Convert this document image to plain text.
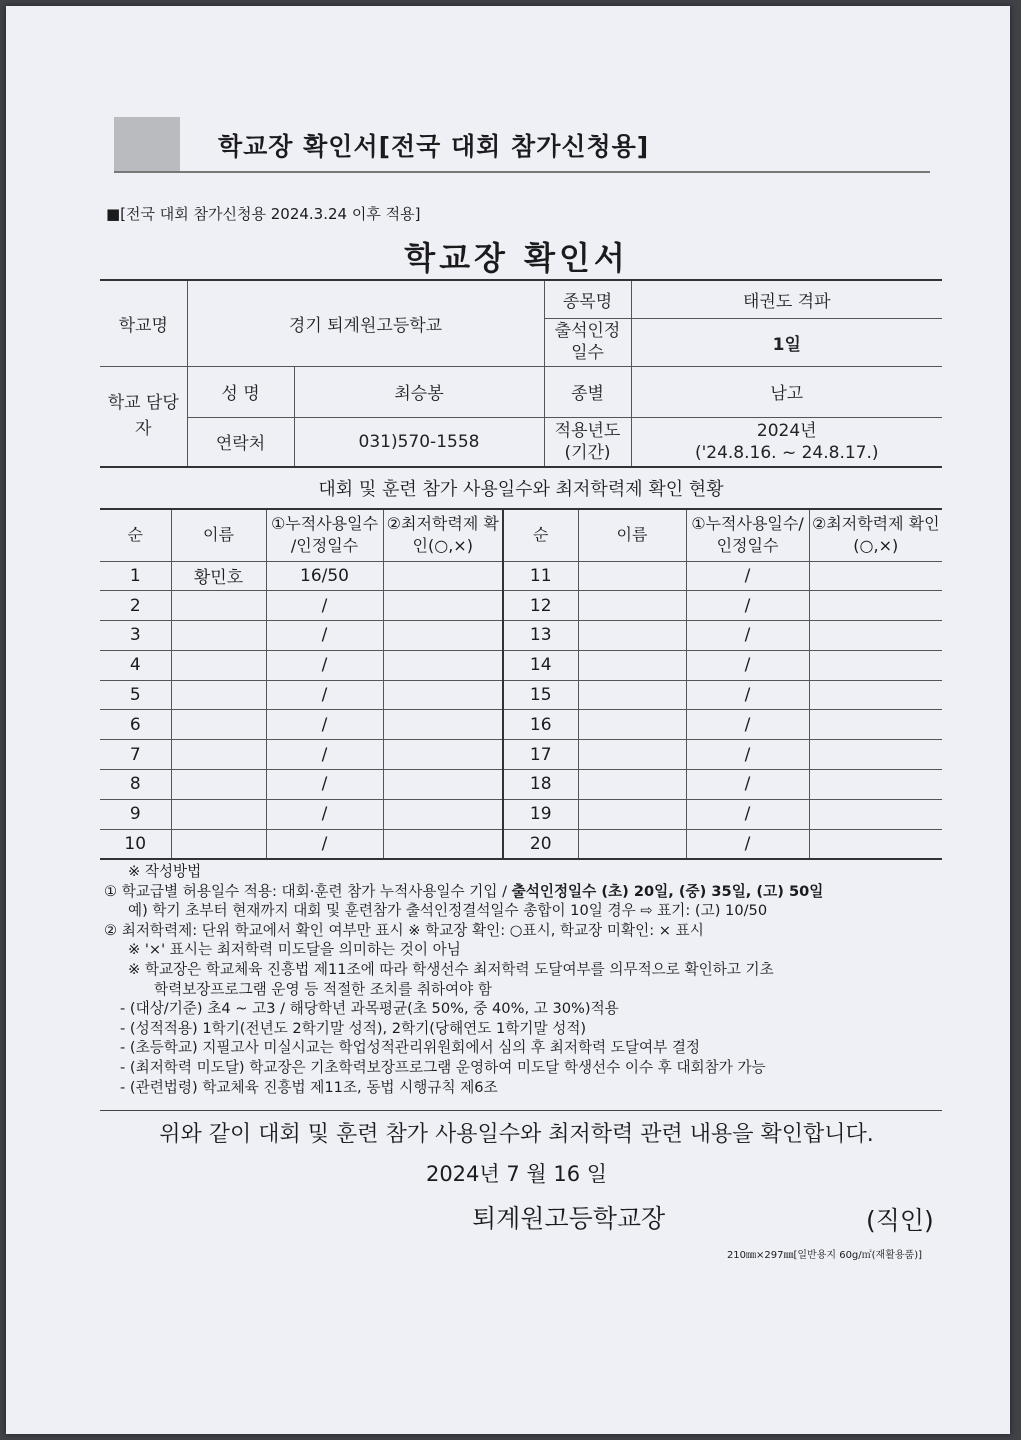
학교장 확인서[전국 대회 참가신청용]
■[전국 대회 참가신청용 2024.3.24 이후 적용]
학교장 확인서
학교명	경기 퇴계원고등학교		종목명	태권도 격파
			출석인정 일수	1일
학교 담당자	성 명	최승봉	종별	남고
	연락처	031)570-1558	적용년도 (기간)	2024년
('24.8.16. ~ 24.8.17.)
대회 및 훈련 참가 사용일수와 최저학력제 확인 현황
순	이름	①누적사용일수 /인정일수	②최저학력제 확인(○,×)	순	이름	①누적사용일수/ 인정일수	②최저학력제 확인(○,×)
1	황민호	16/50		11		/	
2		/		12		/	
3		/		13		/	
4		/		14		/	
5		/		15		/	
6		/		16		/	
7		/		17		/	
8		/		18		/	
9		/		19		/	
10		/		20		/	
※ 작성방법
① 학교급별 허용일수 적용: 대회·훈련 참가 누적사용일수 기입 / 출석인정일수 (초) 20일, (중) 35일, (고) 50일
예) 학기 초부터 현재까지 대회 및 훈련참가 출석인정결석일수 총합이 10일 경우 ⇨ 표기: (고) 10/50
② 최저학력제: 단위 학교에서 확인 여부만 표시 ※ 학교장 확인: ○표시, 학교장 미확인: × 표시
※ '×' 표시는 최저학력 미도달을 의미하는 것이 아님
※ 학교장은 학교체육 진흥법 제11조에 따라 학생선수 최저학력 도달여부를 의무적으로 확인하고 기초
학력보장프로그램 운영 등 적절한 조치를 취하여야 함
- (대상/기준) 초4 ~ 고3 / 해당학년 과목평균(초 50%, 중 40%, 고 30%)적용
- (성적적용) 1학기(전년도 2학기말 성적), 2학기(당해연도 1학기말 성적)
- (초등학교) 지필고사 미실시교는 학업성적관리위원회에서 심의 후 최저학력 도달여부 결정
- (최저학력 미도달) 학교장은 기초학력보장프로그램 운영하여 미도달 학생선수 이수 후 대회참가 가능
- (관련법령) 학교체육 진흥법 제11조, 동법 시행규칙 제6조
위와 같이 대회 및 훈련 참가 사용일수와 최저학력 관련 내용을 확인합니다.
2024년 7 월 16 일
퇴계원고등학교장	(직인)
210㎜×297㎜[일반용지 60g/㎡(재활용품)]
